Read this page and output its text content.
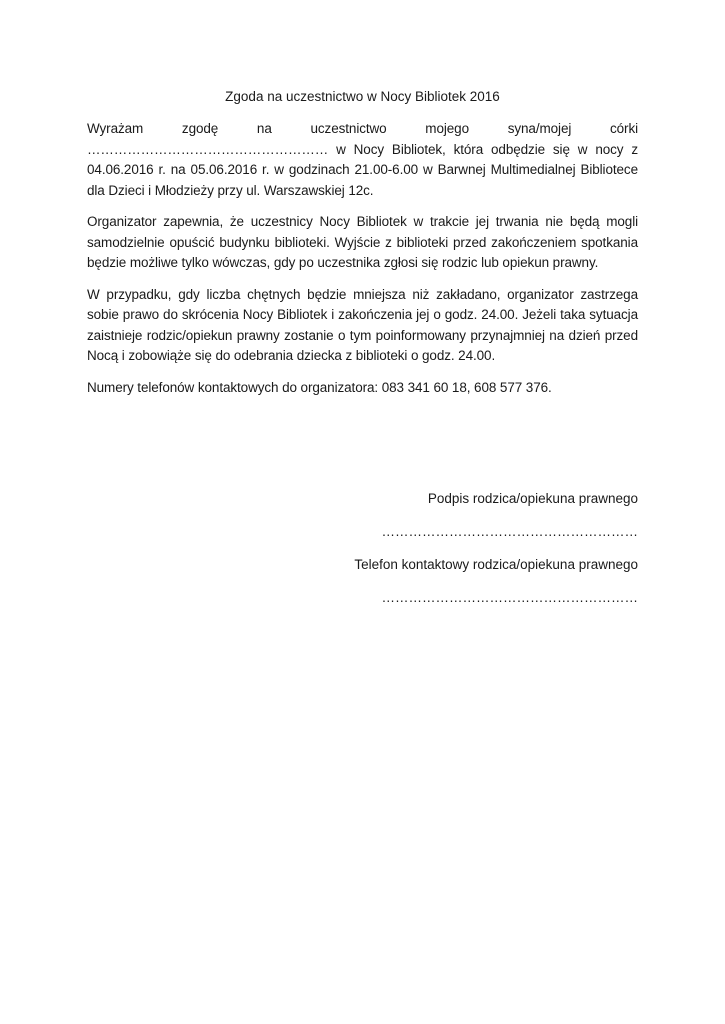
Zgoda na uczestnictwo w Nocy Bibliotek 2016

Wyrażam zgodę na uczestnictwo mojego syna/mojej córki ……………………………………………… w Nocy Bibliotek, która odbędzie się w nocy z 04.06.2016 r. na 05.06.2016 r. w godzinach 21.00-6.00 w Barwnej Multimedialnej Bibliotece dla Dzieci i Młodzieży przy ul. Warszawskiej 12c.

Organizator zapewnia, że uczestnicy Nocy Bibliotek w trakcie jej trwania nie będą mogli samodzielnie opuścić budynku biblioteki. Wyjście z biblioteki przed zakończeniem spotkania będzie możliwe tylko wówczas, gdy po uczestnika zgłosi się rodzic lub opiekun prawny.

W przypadku, gdy liczba chętnych będzie mniejsza niż zakładano, organizator zastrzega sobie prawo do skrócenia Nocy Bibliotek i zakończenia jej o godz. 24.00. Jeżeli taka sytuacja zaistnieje rodzic/opiekun prawny zostanie o tym poinformowany przynajmniej na dzień przed Nocą i zobowiąże się do odebrania dziecka z biblioteki o godz. 24.00.

Numery telefonów kontaktowych do organizatora: 083 341 60 18, 608 577 376.

Podpis rodzica/opiekuna prawnego

…………………………………………………

Telefon kontaktowy rodzica/opiekuna prawnego

…………………………………………………
